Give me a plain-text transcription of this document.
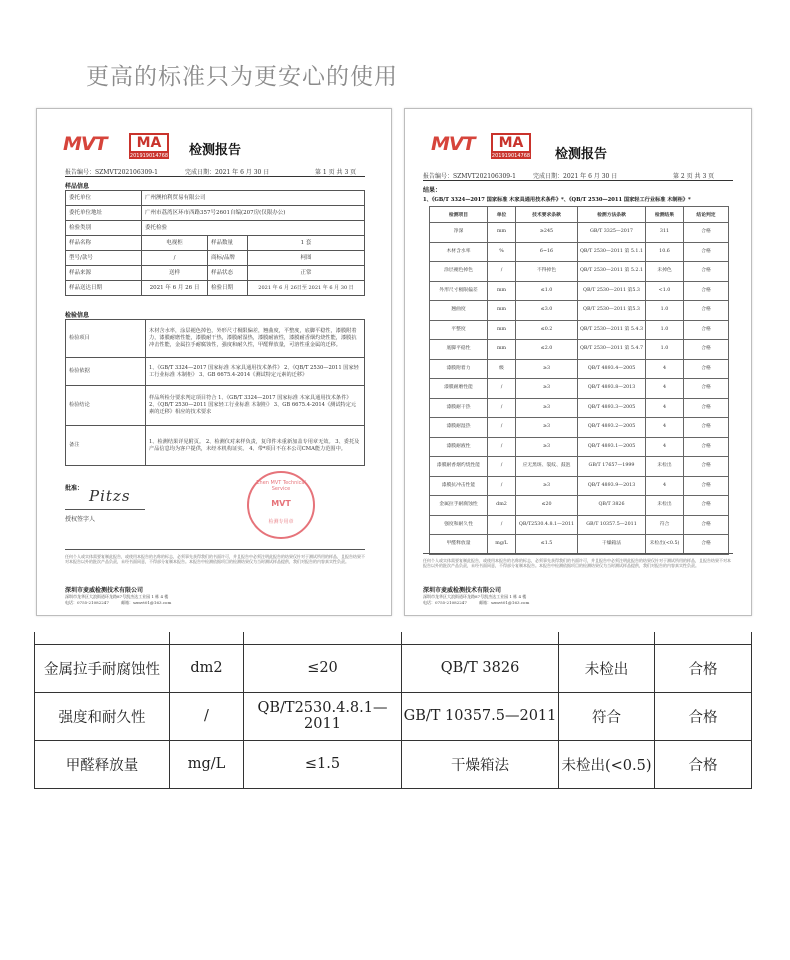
更高的标准只为更安心的使用
MVT	MA
201919014768 检测报告
报告编号：SZMVT202106309-1	完成日期：2021 年 6 月 30 日	第 1 页 共 3 页
样品信息
委托单位	广州澳柏利贸易有限公司		
委托单位地址	广州市荔湾区环市西路357号2601自编(207房(仅限办公)		
检验类别	委托检验		
样品名称	电视柜	样品数量	1 套
型号/款号	/	商标/品牌	柯图
样品来源	送样	样品状态	正常
样品送达日期	2021 年 6 月 26 日	检验日期	2021 年 6 月 26日至 2021 年 6 月 30 日
检验信息
检验项目	木材含水率，涂层褪色掉色，外形尺寸极限偏差，翘曲度，平整度，底脚平稳性，漆膜附着力，漆膜耐磨性能，漆膜耐干热，漆膜耐湿热，漆膜耐液性，漆膜耐香烟灼烧性能，漆膜抗冲击性能，金属拉手耐腐蚀性，强度和耐久性，甲醛释放量，可溶性重金属的迁移。
检验依据	1、《GB/T 3324—2017 国家标准 木家具通用技术条件》 2、《QB/T 2530—2011 国家轻工行业标准 木制柜》 3、GB 6675.4-2014《测试特定元素的迁移》
检验结论	样品所检分要求判定项目符合 1、《GB/T 3324—2017 国家标准 木家具通用技术条件》 2、《QB/T 2530—2011 国家轻工行业标准 木制柜》 3、GB 6675.4-2014《测试特定元素的迁移》相应的技术要求
备注	1、检测结果详见附页。 2、检测仪对来样负责，复印件未重新加盖专用章无效。 3、委托及产品信息均为客户提供，未经本机构证实。 4、带*项目不在本公司CMA能力范围中。
批准： Pitzs
授权签字人
Zhen MVT Technical Service
MVT
检测专用章
任何个人或实体需要复制此报告，或使用本报告的名称的标志，必须事先获得我们的书面许可，并且报告中必须注明此报告的结果仅针对于测试所用的样品，且报告结果不对本报告以外的批次产品负责，未经书面同意，不得部分复制本报告。本报告中检测依据项目的检测结果仅为当时测试样品提供，我们对报告的内容真实性负责。
深圳市麦威检测技术有限公司
深圳市龙华区大浪街道环龙路87号凯杰达工业园 1 栋 4 楼
电话：0755-21082247	邮箱：szmvt01@163.com
MVT	MA
201919014768 检测报告
报告编号：SZMVT202106309-1	完成日期：2021 年 6 月 30 日	第 2 页 共 3 页
结果：
1、《GB/T 3324—2017 国家标准 木家具通用技术条件》*、《QB/T 2530—2011 国家轻工行业标准 木制柜》*
检测项目	单位	技术要求条款	检测方法条款	检测结果	结论判定
净深	mm	≥245	GB/T 3325—2017	311	合格
木材含水率	%	6~16	QB/T 2530—2011 第 5.1.1	10.6	合格
涂层褪色掉色	/	不得掉色	QB/T 2530—2011 第 5.2.1	未掉色	合格
外形尺寸极限偏差	mm	≤1.0	QB/T 2530—2011 第5.3	<1.0	合格
翘曲度	mm	≤3.0	QB/T 2530—2011 第5.3	1.0	合格
平整度	mm	≤0.2	QB/T 2530—2011 第 5.4.3	1.0	合格
底脚平稳性	mm	≤2.0	QB/T 2530—2011 第 5.4.7	1.0	合格
漆膜附着力	级	≥3	QB/T 4893.4—2005	4	合格
漆膜耐磨性能	/	≥3	QB/T 4893.8—2013	4	合格
漆膜耐干热	/	≥3	QB/T 4893.3—2005	4	合格
漆膜耐湿热	/	≥3	QB/T 4893.2—2005	4	合格
漆膜耐液性	/	≥3	QB/T 4893.1—2005	4	合格
漆膜耐香烟灼烧性能	/	应无黑斑、裂纹、鼓泡	GB/T 17657—1999	未检出	合格
漆膜抗冲击性能	/	≥3	QB/T 4893.9—2013	4	合格
金属拉手耐腐蚀性	dm2	≤20	QB/T 3826	未检出	合格
强度和耐久性	/	QB/T2530.4.8.1—2011	GB/T 10357.5—2011	符合	合格
甲醛释放量	mg/L	≤1.5	干燥箱法	未检出(<0.5)	合格
任何个人或实体需要复制此报告，或使用本报告的名称的标志，必须事先获得我们的书面许可，并且报告中必须注明此报告的结果仅针对于测试所用的样品，且报告结果不对本报告以外的批次产品负责，未经书面同意，不得部分复制本报告。本报告中检测依据项目的检测结果仅为当时测试样品提供，我们对报告的内容真实性负责。
深圳市麦威检测技术有限公司
深圳市龙华区大浪街道环龙路87号凯杰达工业园 1 栋 4 楼
电话：0755-21082247	邮箱：szmvt01@163.com

金属拉手耐腐蚀性	dm2	≤20	QB/T 3826	未检出	合格
强度和耐久性	/	QB/T2530.4.8.1—2011	GB/T 10357.5—2011	符合	合格
甲醛释放量	mg/L	≤1.5	干燥箱法	未检出(<0.5)	合格
